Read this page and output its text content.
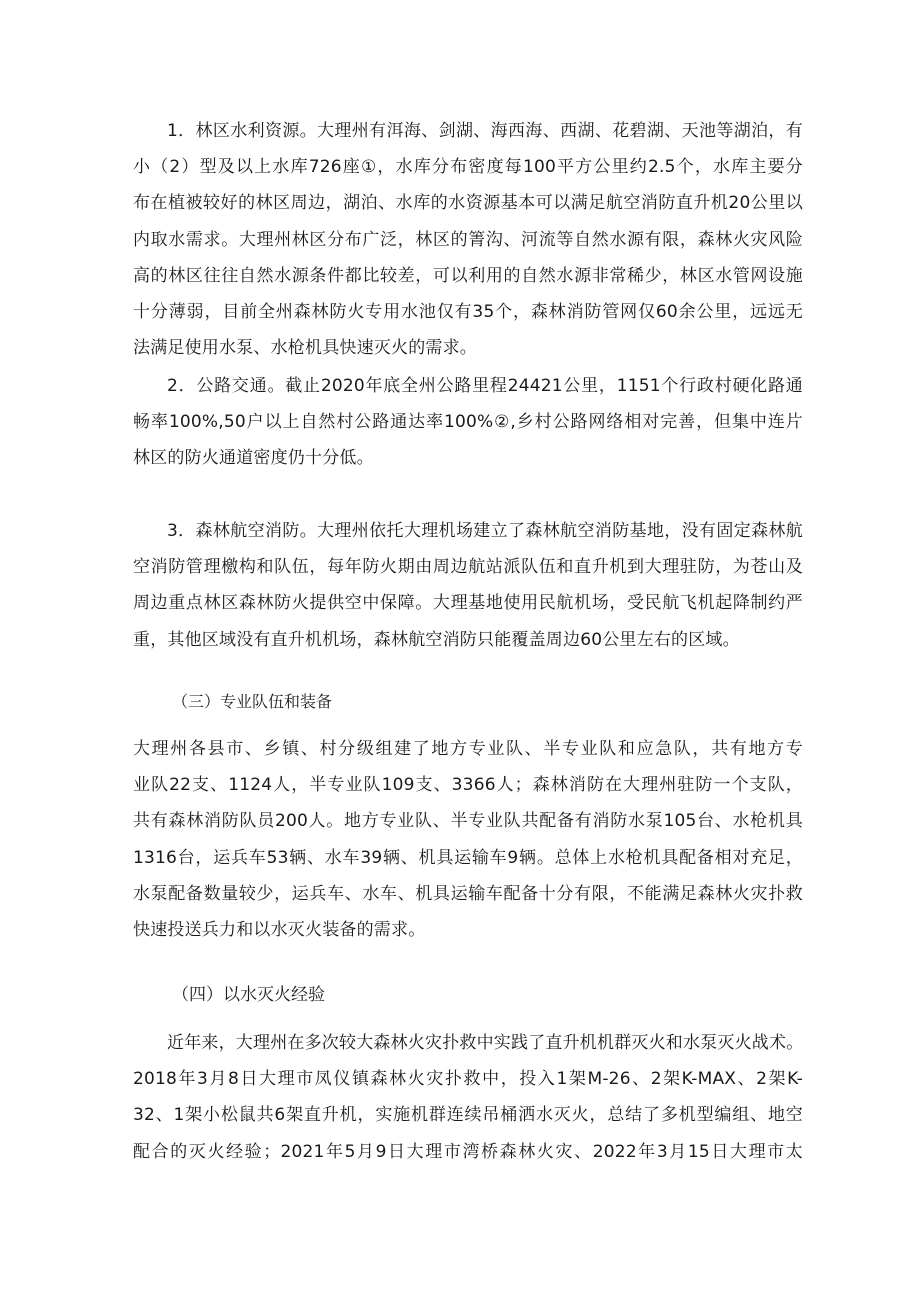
1．林区水利资源。大理州有洱海、剑湖、海西海、西湖、花碧湖、天池等湖泊，有
小（2）型及以上水库726座①，水库分布密度每100平方公里约2.5个，水库主要分
布在植被较好的林区周边，湖泊、水库的水资源基本可以满足航空消防直升机20公里以
内取水需求。大理州林区分布广泛，林区的箐沟、河流等自然水源有限，森林火灾风险
高的林区往往自然水源条件都比较差，可以利用的自然水源非常稀少，林区水管网设施
十分薄弱，目前全州森林防火专用水池仅有35个，森林消防管网仅60余公里，远远无
法满足使用水泵、水枪机具快速灭火的需求。
2．公路交通。截止2020年底全州公路里程24421公里，1151个行政村硬化路通
畅率100%,50户以上自然村公路通达率100%②,乡村公路网络相对完善，但集中连片
林区的防火通道密度仍十分低。
3．森林航空消防。大理州依托大理机场建立了森林航空消防基地，没有固定森林航
空消防管理檄构和队伍，每年防火期由周边航站派队伍和直升机到大理驻防，为苍山及
周边重点林区森林防火提供空中保障。大理基地使用民航机场，受民航飞机起降制约严
重，其他区域没有直升机机场，森林航空消防只能覆盖周边60公里左右的区域。

（三）专业队伍和装备

大理州各县市、乡镇、村分级组建了地方专业队、半专业队和应急队，共有地方专
业队22支、1124人，半专业队109支、3366人；森林消防在大理州驻防一个支队，
共有森林消防队员200人。地方专业队、半专业队共配备有消防水泵105台、水枪机具
1316台，运兵车53辆、水车39辆、机具运输车9辆。总体上水枪机具配备相对充足，
水泵配备数量较少，运兵车、水车、机具运输车配备十分有限，不能满足森林火灾扑救
快速投送兵力和以水灭火装备的需求。

（四）以水灭火经验

近年来，大理州在多次较大森林火灾扑救中实践了直升机机群灭火和水泵灭火战术。
2018年3月8日大理市凤仪镇森林火灾扑救中，投入1架M-26、2架K-MAX、2架K-
32、1架小松鼠共6架直升机，实施机群连续吊桶洒水灭火，总结了多机型编组、地空
配合的灭火经验；2021年5月9日大理市湾桥森林火灾、2022年3月15日大理市太
